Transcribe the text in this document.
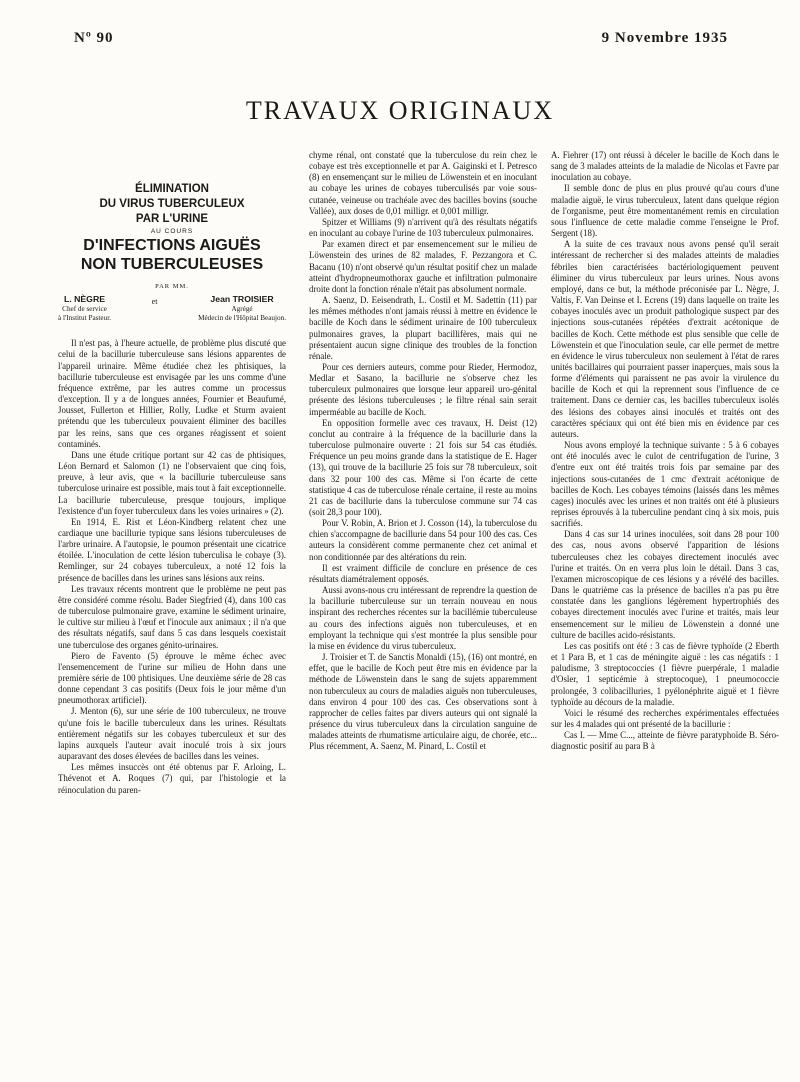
Nº 90	9 Novembre 1935
TRAVAUX ORIGINAUX
ÉLIMINATION
DU VIRUS TUBERCULEUX
PAR L'URINE
AU COURS
D'INFECTIONS AIGUËS
NON TUBERCULEUSES
PAR MM.
L. NÈGRE
Chef de service
à l'Institut Pasteur.
et	Jean TROISIER
Agrégé
Médecin de l'Hôpital Beaujon.

Il n'est pas, à l'heure actuelle, de problème plus discuté que celui de la bacillurie tuberculeuse sans lésions apparentes de l'appareil urinaire. Même étudiée chez les phtisiques, la bacillurie tuberculeuse est envisagée par les uns comme d'une fréquence extrême, par les autres comme un processus d'exception. Il y a de longues années, Fournier et Beaufumé, Jousset, Fullerton et Hillier, Rolly, Ludke et Sturm avaient prétendu que les tuberculeux pouvaient éliminer des bacilles par les reins, sans que ces organes réagissent et soient contaminés.

Dans une étude critique portant sur 42 cas de phtisiques, Léon Bernard et Salomon (1) ne l'observaient que cinq fois, preuve, à leur avis, que « la bacillurie tuberculeuse sans tuberculose urinaire est possible, mais tout à fait exceptionnelle. La bacillurie tuberculeuse, presque toujours, implique l'existence d'un foyer tuberculeux dans les voies urinaires » (2).

En 1914, E. Rist et Léon-Kindberg relatent chez une cardiaque une bacillurie typique sans lésions tuberculeuses de l'arbre urinaire. A l'autopsie, le poumon présentait une cicatrice étoilée. L'inoculation de cette lésion tuberculisa le cobaye (3). Remlinger, sur 24 cobayes tuberculeux, a noté 12 fois la présence de bacilles dans les urines sans lésions aux reins.

Les travaux récents montrent que le problème ne peut pas être considéré comme résolu. Bader Siegfried (4), dans 100 cas de tuberculose pulmonaire grave, examine le sédiment urinaire, le cultive sur milieu à l'œuf et l'inocule aux animaux ; il n'a que des résultats négatifs, sauf dans 5 cas dans lesquels coexistait une tuberculose des organes génito-urinaires.

Piero de Favento (5) éprouve le même échec avec l'ensemencement de l'urine sur milieu de Hohn dans une première série de 100 phtisiques. Une deuxième série de 28 cas donne cependant 3 cas positifs (Deux fois le jour même d'un pneumothorax artificiel).

J. Menton (6), sur une série de 100 tuberculeux, ne trouve qu'une fois le bacille tuberculeux dans les urines. Résultats entièrement négatifs sur les cobayes tuberculeux et sur des lapins auxquels l'auteur avait inoculé trois à six jours auparavant des doses élevées de bacilles dans les veines.

Les mêmes insuccès ont été obtenus par F. Arloing, L. Thévenot et A. Roques (7) qui, par l'histologie et la réinoculation du paren-

chyme rénal, ont constaté que la tuberculose du rein chez le cobaye est très exceptionnelle et par A. Gaiginski et I. Petresco (8) en ensemençant sur le milieu de Löwenstein et en inoculant au cobaye les urines de cobayes tuberculisés par voie sous-cutanée, veineuse ou trachéale avec des bacilles bovins (souche Vallée), aux doses de 0,01 milligr. et 0,001 milligr.

Spitzer et Williams (9) n'arrivent qu'à des résultats négatifs en inoculant au cobaye l'urine de 103 tuberculeux pulmonaires.

Par examen direct et par ensemencement sur le milieu de Löwenstein des urines de 82 malades, F. Pezzangora et C. Bacanu (10) n'ont observé qu'un résultat positif chez un malade atteint d'hydropneumothorax gauche et infiltration pulmonaire droite dont la fonction rénale n'était pas absolument normale.

A. Saenz, D. Eeisendrath, L. Costil et M. Sadettin (11) par les mêmes méthodes n'ont jamais réussi à mettre en évidence le bacille de Koch dans le sédiment urinaire de 100 tuberculeux pulmonaires graves, la plupart bacillifères, mais qui ne présentaient aucun signe clinique des troubles de la fonction rénale.

Pour ces derniers auteurs, comme pour Rieder, Hermodoz, Medlar et Sasano, la bacillurie ne s'observe chez les tuberculeux pulmonaires que lorsque leur appareil uro-génital présente des lésions tuberculeuses ; le filtre rénal sain serait imperméable au bacille de Koch.

En opposition formelle avec ces travaux, H. Deist (12) conclut au contraire à la fréquence de la bacillurie dans la tuberculose pulmonaire ouverte : 21 fois sur 54 cas étudiés. Fréquence un peu moins grande dans la statistique de E. Hager (13), qui trouve de la bacillurie 25 fois sur 78 tuberculeux, soit dans 32 pour 100 des cas. Même si l'on écarte de cette statistique 4 cas de tuberculose rénale certaine, il reste au moins 21 cas de bacillurie dans la tuberculose commune sur 74 cas (soit 28,3 pour 100).

Pour V. Robin, A. Brion et J. Cosson (14), la tuberculose du chien s'accompagne de bacillurie dans 54 pour 100 des cas. Ces auteurs la considèrent comme permanente chez cet animal et non conditionnée par des altérations du rein.

Il est vraiment difficile de conclure en présence de ces résultats diamétralement opposés.

Aussi avons-nous cru intéressant de reprendre la question de la bacillurie tuberculeuse sur un terrain nouveau en nous inspirant des recherches récentes sur la bacillémie tuberculeuse au cours des infections aiguës non tuberculeuses, et en employant la technique qui s'est montrée la plus sensible pour la mise en évidence du virus tuberculeux.

J. Troisier et T. de Sanctis Monaldi (15), (16) ont montré, en effet, que le bacille de Koch peut être mis en évidence par la méthode de Löwenstein dans le sang de sujets apparemment non tuberculeux au cours de maladies aiguës non tuberculeuses, dans environ 4 pour 100 des cas. Ces observations sont à rapprocher de celles faites par divers auteurs qui ont signalé la présence du virus tuberculeux dans la circulation sanguine de malades atteints de rhumatisme articulaire aigu, de chorée, etc... Plus récemment, A. Saenz, M. Pinard, L. Costil et

A. Fiehrer (17) ont réussi à déceler le bacille de Koch dans le sang de 3 malades atteints de la maladie de Nicolas et Favre par inoculation au cobaye.

Il semble donc de plus en plus prouvé qu'au cours d'une maladie aiguë, le virus tuberculeux, latent dans quelque région de l'organisme, peut être momentanément remis en circulation sous l'influence de cette maladie comme l'enseigne le Prof. Sergent (18).

A la suite de ces travaux nous avons pensé qu'il serait intéressant de rechercher si des malades atteints de maladies fébriles bien caractérisées bactériologiquement peuvent éliminer du virus tuberculeux par leurs urines. Nous avons employé, dans ce but, la méthode préconisée par L. Nègre, J. Valtis, F. Van Deinse et I. Ecrens (19) dans laquelle on traite les cobayes inoculés avec un produit pathologique suspect par des injections sous-cutanées répétées d'extrait acétonique de bacilles de Koch. Cette méthode est plus sensible que celle de Löwenstein et que l'inoculation seule, car elle permet de mettre en évidence le virus tuberculeux non seulement à l'état de rares unités bacillaires qui pourraient passer inaperçues, mais sous la forme d'éléments qui paraissent ne pas avoir la virulence du bacille de Koch et qui la reprennent sous l'influence de ce traitement. Dans ce dernier cas, les bacilles tuberculeux isolés des lésions des cobayes ainsi inoculés et traités ont des caractères spéciaux qui ont été bien mis en évidence par ces auteurs.

Nous avons employé la technique suivante : 5 à 6 cobayes ont été inoculés avec le culot de centrifugation de l'urine, 3 d'entre eux ont été traités trois fois par semaine par des injections sous-cutanées de 1 cmc d'extrait acétonique de bacilles de Koch. Les cobayes témoins (laissés dans les mêmes cages) inoculés avec les urines et non traités ont été à plusieurs reprises éprouvés à la tuberculine pendant cinq à six mois, puis sacrifiés.

Dans 4 cas sur 14 urines inoculées, soit dans 28 pour 100 des cas, nous avons observé l'apparition de lésions tuberculeuses chez les cobayes directement inoculés avec l'urine et traités. On en verra plus loin le détail. Dans 3 cas, l'examen microscopique de ces lésions y a révélé des bacilles. Dans le quatrième cas la présence de bacilles n'a pas pu être constatée dans les ganglions légèrement hypertrophiés des cobayes directement inoculés avec l'urine et traités, mais leur ensemencement sur le milieu de Löwenstein a donné une culture de bacilles acido-résistants.

Les cas positifs ont été : 3 cas de fièvre typhoïde (2 Eberth et 1 Para B, et 1 cas de méningite aiguë : les cas négatifs : 1 paludisme, 3 streptococcies (1 fièvre puerpérale, 1 maladie d'Osler, 1 septicémie à streptocoque), 1 pneumococcie prolongée, 3 colibacilluries, 1 pyélonéphrite aiguë et 1 fièvre typhoïde au décours de la maladie.

Voici le résumé des recherches expérimentales effectuées sur les 4 malades qui ont présenté de la bacillurie :

Cas I. — Mme C..., atteinte de fièvre paratyphoïde B. Séro-diagnostic positif au para B à
